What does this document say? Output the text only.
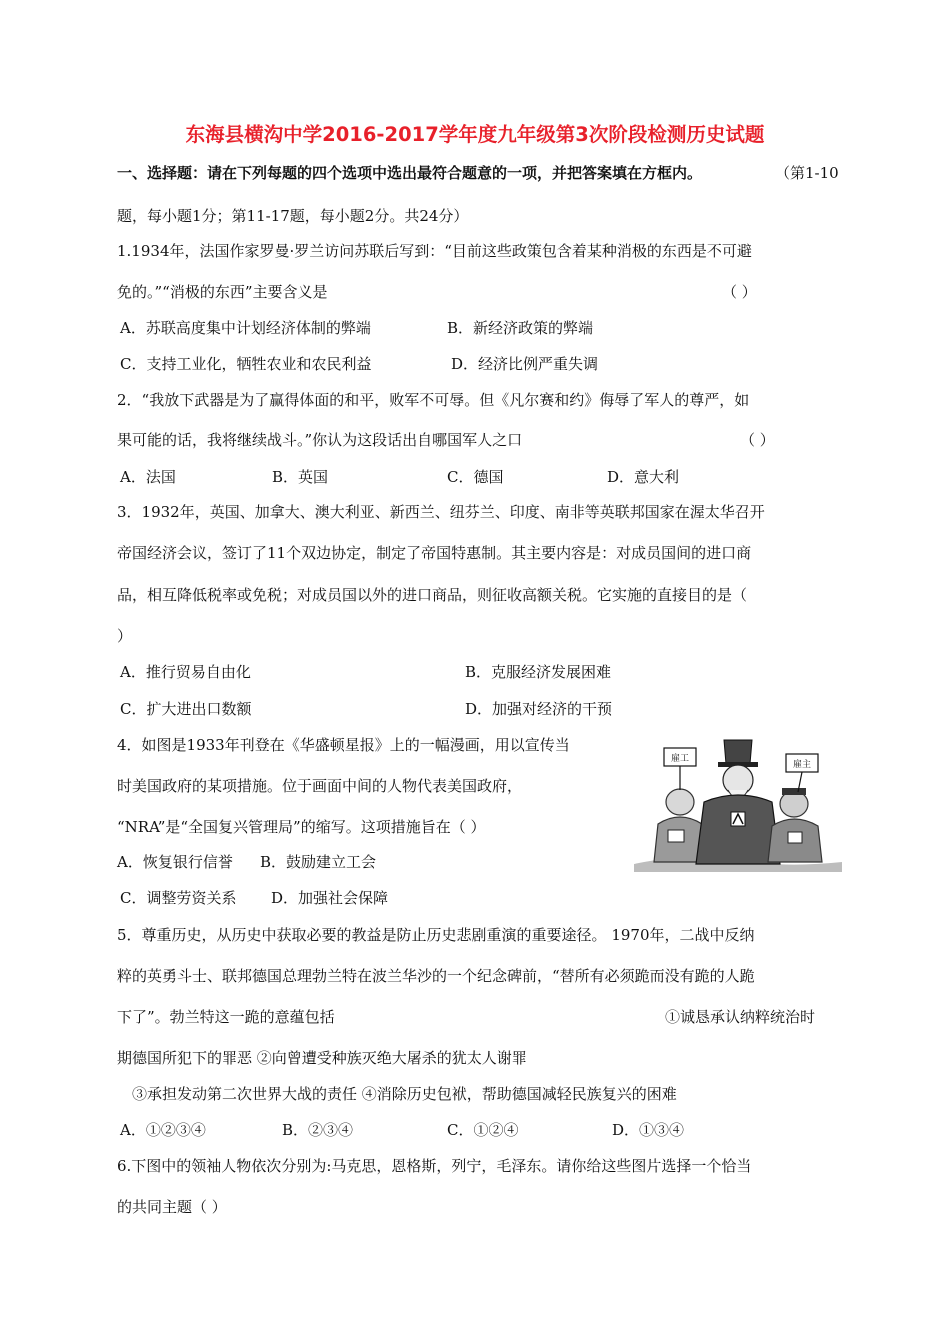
东海县横沟中学2016-2017学年度九年级第3次阶段检测历史试题
一、选择题：请在下列每题的四个选项中选出最符合题意的一项，并把答案填在方框内。	（第1-10
题，每小题1分；第11-17题，每小题2分。共24分）
1.1934年，法国作家罗曼·罗兰访问苏联后写到：“目前这些政策包含着某种消极的东西是不可避
免的。”“消极的东西”主要含义是	（ ）
A．苏联高度集中计划经济体制的弊端	B．新经济政策的弊端
C．支持工业化，牺牲农业和农民利益	D．经济比例严重失调
2．“我放下武器是为了赢得体面的和平，败军不可辱。但《凡尔赛和约》侮辱了军人的尊严，如
果可能的话，我将继续战斗。”你认为这段话出自哪国军人之口	（ ）
A．法国	B．英国	C．德国	D．意大利
3．1932年，英国、加拿大、澳大利亚、新西兰、纽芬兰、印度、南非等英联邦国家在渥太华召开
帝国经济会议，签订了11个双边协定，制定了帝国特惠制。其主要内容是：对成员国间的进口商
品，相互降低税率或免税；对成员国以外的进口商品，则征收高额关税。它实施的直接目的是（
）
A．推行贸易自由化	B．克服经济发展困难
C．扩大进出口数额	D．加强对经济的干预
4．如图是1933年刊登在《华盛顿星报》上的一幅漫画，用以宣传当
时美国政府的某项措施。位于画面中间的人物代表美国政府，
“NRA”是“全国复兴管理局”的缩写。这项措施旨在（ ）
A．恢复银行信誉 B．鼓励建立工会
C．调整劳资关系 D．加强社会保障
雇工
雇主
5．尊重历史，从历史中获取必要的教益是防止历史悲剧重演的重要途径。 1970年，二战中反纳
粹的英勇斗士、联邦德国总理勃兰特在波兰华沙的一个纪念碑前，“替所有必须跪而没有跪的人跪
下了”。勃兰特这一跪的意蕴包括	①诚恳承认纳粹统治时
期德国所犯下的罪恶 ②向曾遭受种族灭绝大屠杀的犹太人谢罪
③承担发动第二次世界大战的责任 ④消除历史包袱，帮助德国减轻民族复兴的困难
A．①②③④	B．②③④	C．①②④	D．①③④
6.下图中的领袖人物依次分别为:马克思，恩格斯，列宁，毛泽东。请你给这些图片选择一个恰当
的共同主题（ ）
